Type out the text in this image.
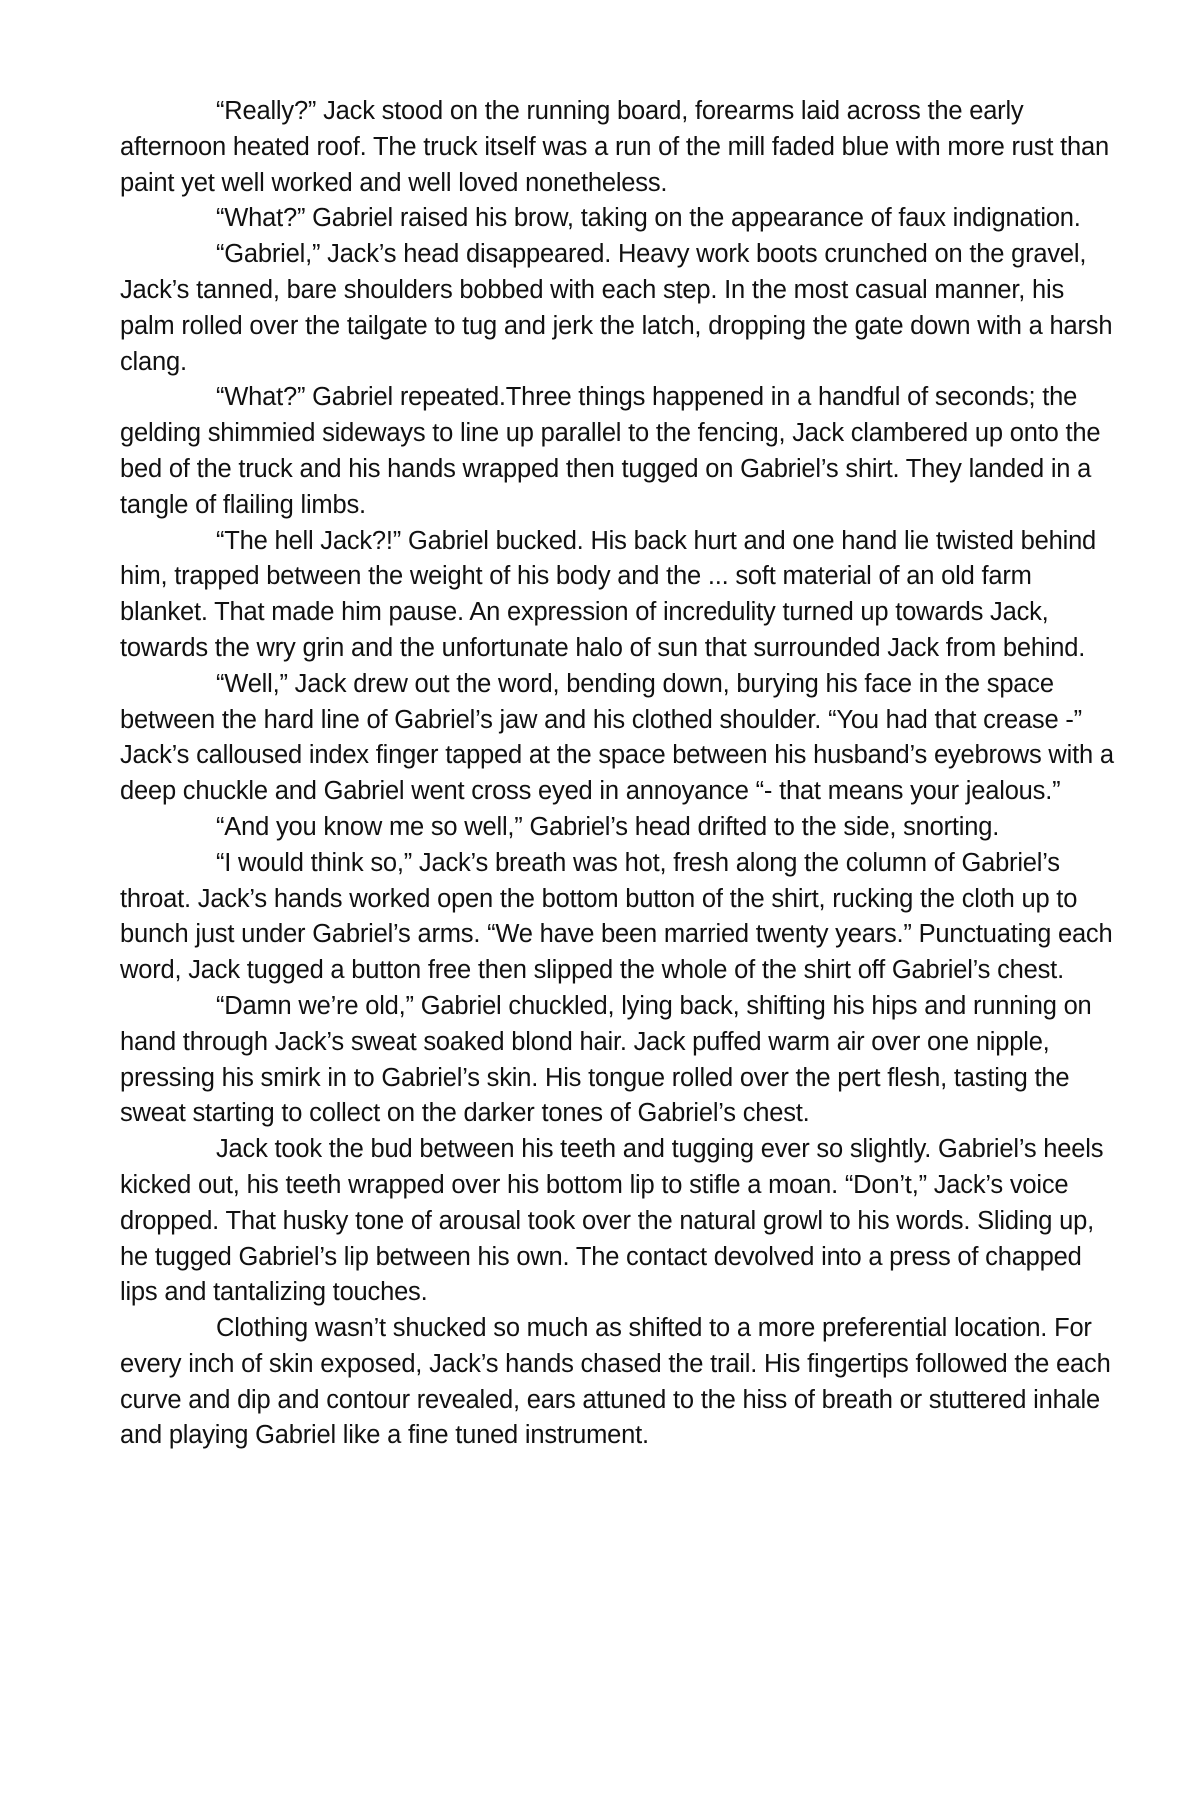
“Really?” Jack stood on the running board, forearms laid across the early afternoon heated roof. The truck itself was a run of the mill faded blue with more rust than paint yet well worked and well loved nonetheless.

“What?” Gabriel raised his brow, taking on the appearance of faux indignation.

“Gabriel,” Jack’s head disappeared. Heavy work boots crunched on the gravel, Jack’s tanned, bare shoulders bobbed with each step. In the most casual manner, his palm rolled over the tailgate to tug and jerk the latch, dropping the gate down with a harsh clang.

“What?” Gabriel repeated.Three things happened in a handful of seconds; the gelding shimmied sideways to line up parallel to the fencing, Jack clambered up onto the bed of the truck and his hands wrapped then tugged on Gabriel’s shirt. They landed in a tangle of flailing limbs.

“The hell Jack?!” Gabriel bucked. His back hurt and one hand lie twisted behind him, trapped between the weight of his body and the ... soft material of an old farm blanket. That made him pause. An expression of incredulity turned up towards Jack, towards the wry grin and the unfortunate halo of sun that surrounded Jack from behind.

“Well,” Jack drew out the word, bending down, burying his face in the space between the hard line of Gabriel’s jaw and his clothed shoulder. “You had that crease -” Jack’s calloused index finger tapped at the space between his husband’s eyebrows with a deep chuckle and Gabriel went cross eyed in annoyance “- that means your jealous.”

“And you know me so well,” Gabriel’s head drifted to the side, snorting.

“I would think so,” Jack’s breath was hot, fresh along the column of Gabriel’s throat. Jack’s hands worked open the bottom button of the shirt, rucking the cloth up to bunch just under Gabriel’s arms. “We have been married twenty years.” Punctuating each word, Jack tugged a button free then slipped the whole of the shirt off Gabriel’s chest.

“Damn we’re old,” Gabriel chuckled, lying back, shifting his hips and running on hand through Jack’s sweat soaked blond hair. Jack puffed warm air over one nipple, pressing his smirk in to Gabriel’s skin. His tongue rolled over the pert flesh, tasting the sweat starting to collect on the darker tones of Gabriel’s chest.

Jack took the bud between his teeth and tugging ever so slightly. Gabriel’s heels kicked out, his teeth wrapped over his bottom lip to stifle a moan. “Don’t,” Jack’s voice dropped. That husky tone of arousal took over the natural growl to his words. Sliding up, he tugged Gabriel’s lip between his own. The contact devolved into a press of chapped lips and tantalizing touches.

Clothing wasn’t shucked so much as shifted to a more preferential location. For every inch of skin exposed, Jack’s hands chased the trail. His fingertips followed the each curve and dip and contour revealed, ears attuned to the hiss of breath or stuttered inhale and playing Gabriel like a fine tuned instrument.
